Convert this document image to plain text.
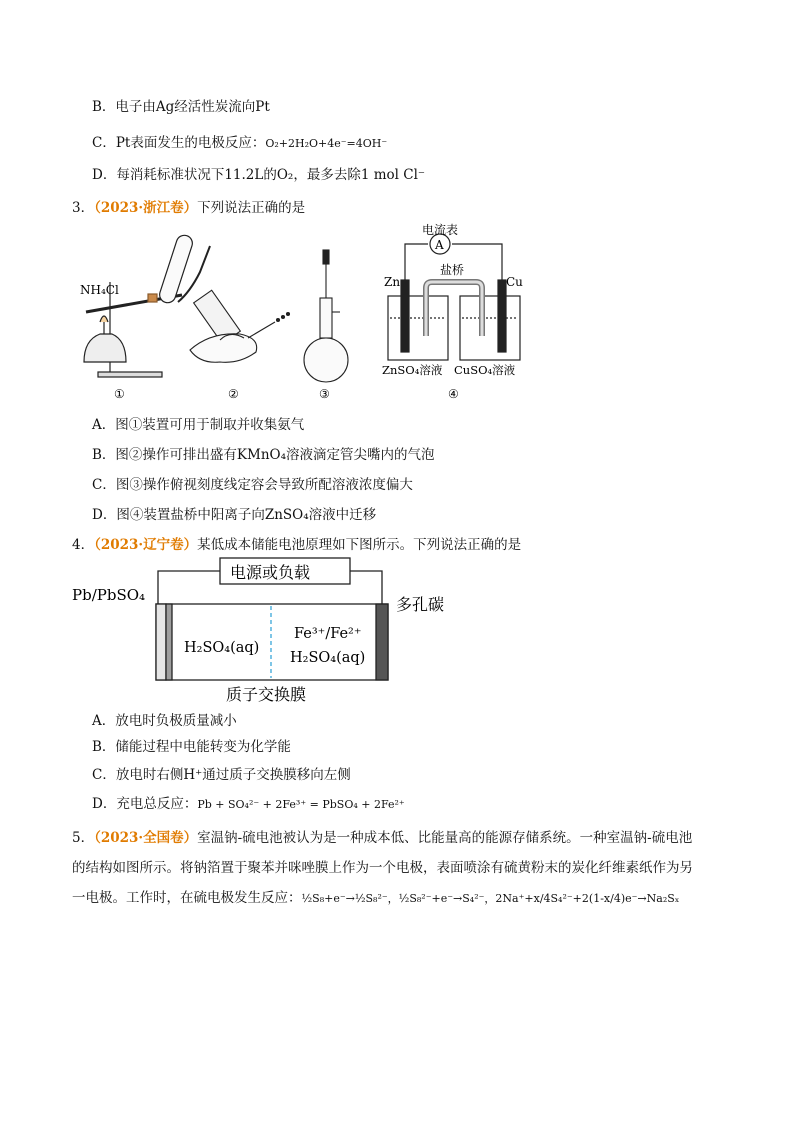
B．电子由Ag经活性炭流向Pt
C．Pt表面发生的电极反应：O₂+2H₂O+4e⁻=4OH⁻
D．每消耗标准状况下11.2L的O₂，最多去除1 mol Cl⁻
3．（2023·浙江卷）下列说法正确的是
NH₄Cl
①	②	③
A
电流表
Zn	Cu
盐桥
ZnSO₄溶液 CuSO₄溶液
④
A．图①装置可用于制取并收集氨气
B．图②操作可排出盛有KMnO₄溶液滴定管尖嘴内的气泡
C．图③操作俯视刻度线定容会导致所配溶液浓度偏大
D．图④装置盐桥中阳离子向ZnSO₄溶液中迁移
4．（2023·辽宁卷）某低成本储能电池原理如下图所示。下列说法正确的是
电源或负载
Pb/PbSO₄	多孔碳
H₂SO₄(aq)
Fe³⁺/Fe²⁺
H₂SO₄(aq)
质子交换膜
A．放电时负极质量减小
B．储能过程中电能转变为化学能
C．放电时右侧H⁺通过质子交换膜移向左侧
D．充电总反应：Pb + SO₄²⁻ + 2Fe³⁺ = PbSO₄ + 2Fe²⁺
5．（2023·全国卷）室温钠-硫电池被认为是一种成本低、比能量高的能源存储系统。一种室温钠-硫电池
的结构如图所示。将钠箔置于聚苯并咪唑膜上作为一个电极，表面喷涂有硫黄粉末的炭化纤维素纸作为另
一电极。工作时，在硫电极发生反应：½S₈+e⁻→½S₈²⁻，½S₈²⁻+e⁻→S₄²⁻，2Na⁺+x/4S₄²⁻+2(1-x/4)e⁻→Na₂Sₓ
